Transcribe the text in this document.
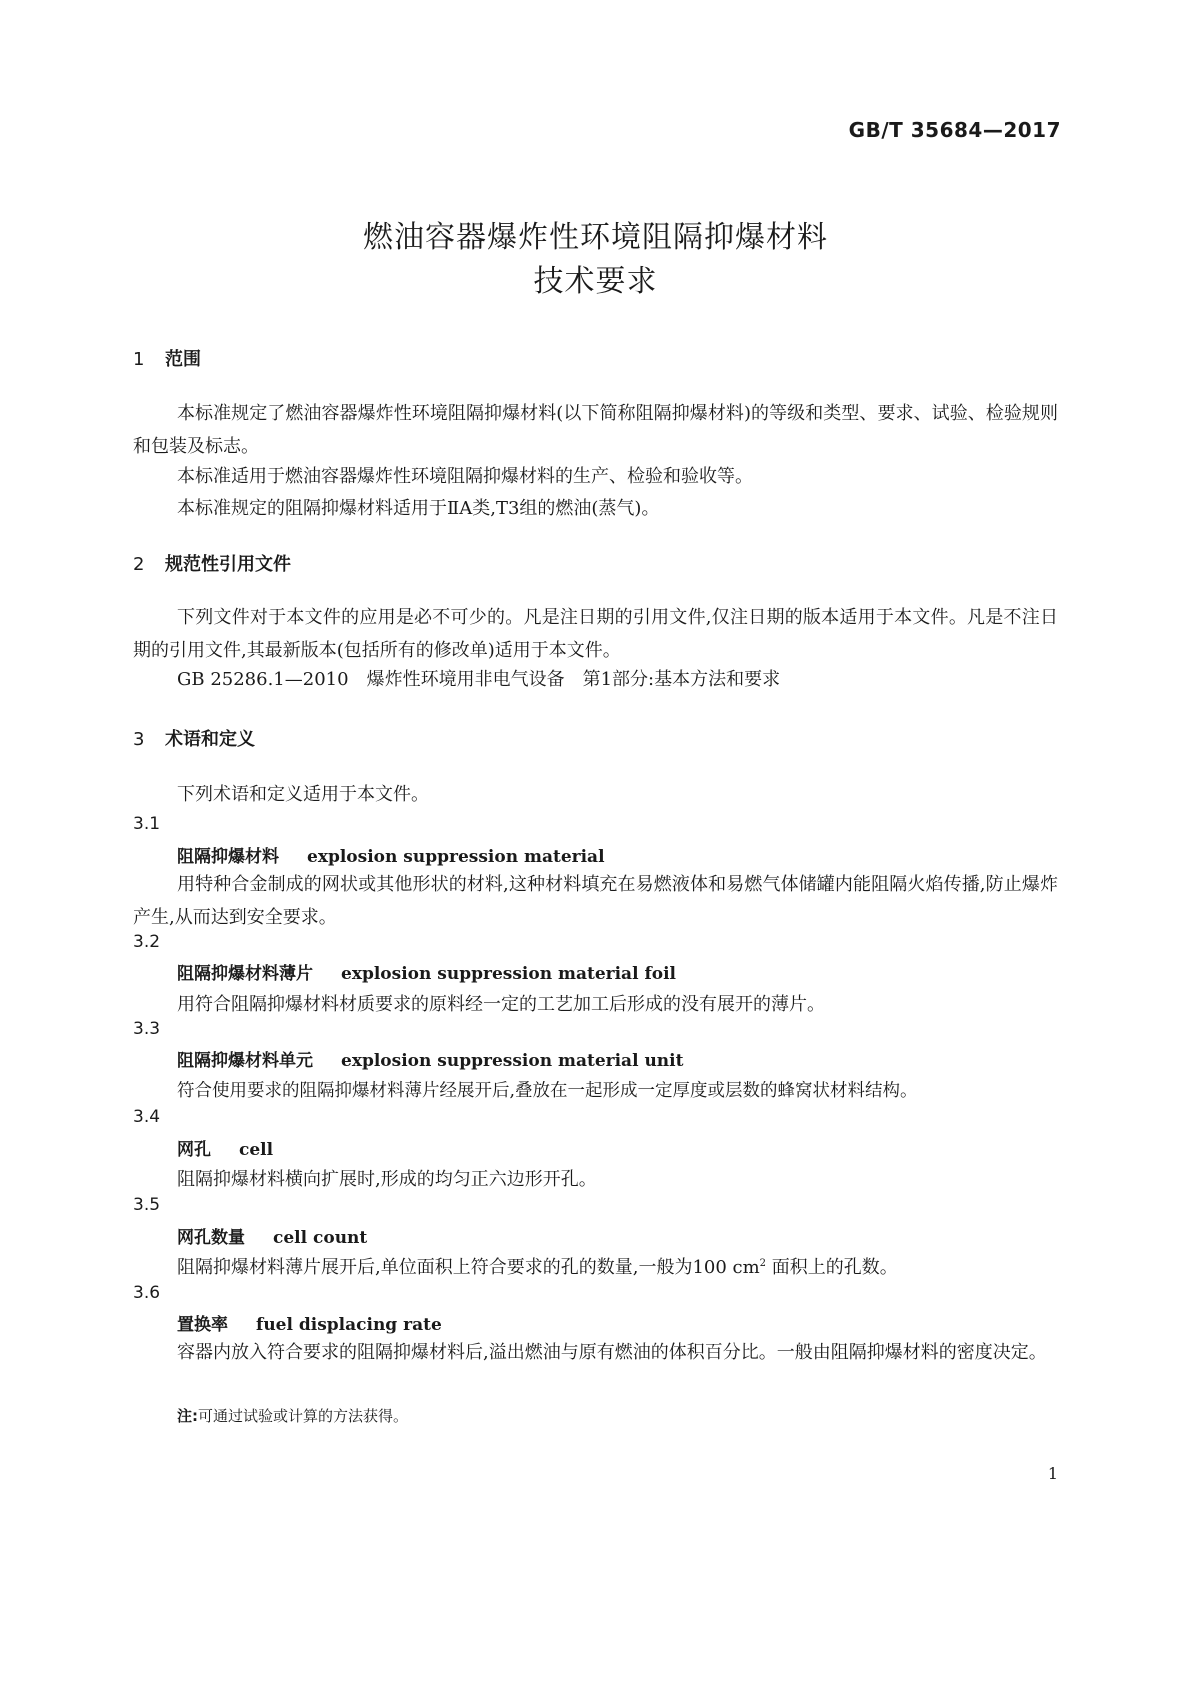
GB/T 35684—2017
燃油容器爆炸性环境阻隔抑爆材料
技术要求
1 范围
本标准规定了燃油容器爆炸性环境阻隔抑爆材料(以下简称阻隔抑爆材料)的等级和类型、要求、试验、检验规则和包装及标志。
本标准适用于燃油容器爆炸性环境阻隔抑爆材料的生产、检验和验收等。
本标准规定的阻隔抑爆材料适用于ⅡA类,T3组的燃油(蒸气)。
2 规范性引用文件
下列文件对于本文件的应用是必不可少的。凡是注日期的引用文件,仅注日期的版本适用于本文件。凡是不注日期的引用文件,其最新版本(包括所有的修改单)适用于本文件。
GB 25286.1—2010　爆炸性环境用非电气设备　第1部分:基本方法和要求
3 术语和定义
下列术语和定义适用于本文件。
3.1
阻隔抑爆材料 explosion suppression material
用特种合金制成的网状或其他形状的材料,这种材料填充在易燃液体和易燃气体储罐内能阻隔火焰传播,防止爆炸产生,从而达到安全要求。
3.2
阻隔抑爆材料薄片 explosion suppression material foil
用符合阻隔抑爆材料材质要求的原料经一定的工艺加工后形成的没有展开的薄片。
3.3
阻隔抑爆材料单元 explosion suppression material unit
符合使用要求的阻隔抑爆材料薄片经展开后,叠放在一起形成一定厚度或层数的蜂窝状材料结构。
3.4
网孔 cell
阻隔抑爆材料横向扩展时,形成的均匀正六边形开孔。
3.5
网孔数量 cell count
阻隔抑爆材料薄片展开后,单位面积上符合要求的孔的数量,一般为100 $cm^2$ 面积上的孔数。
3.6
置换率 fuel displacing rate
容器内放入符合要求的阻隔抑爆材料后,溢出燃油与原有燃油的体积百分比。一般由阻隔抑爆材料的密度决定。
注:可通过试验或计算的方法获得。
1
